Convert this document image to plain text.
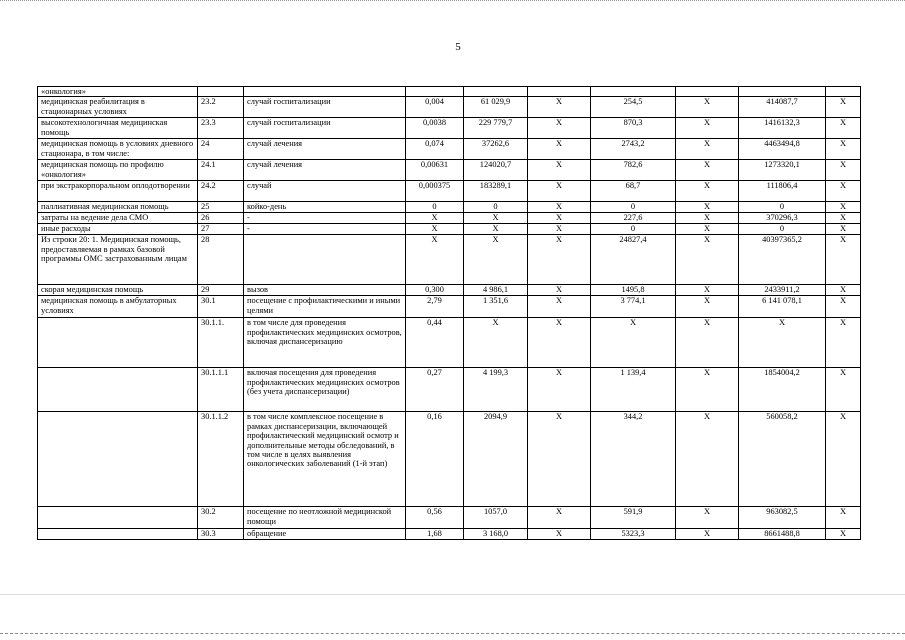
5
«онкология»									
медицинская реабилитация в стационарных условиях	23.2	случай госпитализации	0,004	61 029,9	X	254,5	X	414087,7	X
высокотехнологичная медицинская помощь	23.3	случай госпитализации	0,0038	229 779,7	X	870,3	X	1416132,3	X
медицинская помощь в условиях дневного стационара, в том числе:	24	случай лечения	0,074	37262,6	X	2743,2	X	4463494,8	X
медицинская помощь по профилю «онкология»	24.1	случай лечения	0,00631	124020,7	X	782,6	X	1273320,1	X
при экстракорпоральном оплодотворении	24.2	случай	0,000375	183289,1	X	68,7	X	111806,4	X
паллиативная медицинская помощь	25	койко-день	0	0	X	0	X	0	X
затраты на ведение дела СМО	26	-	X	X	X	227,6	X	370296,3	X
иные расходы	27	-	X	X	X	0	X	0	X
Из строки 20: 1. Медицинская помощь, предоставляемая в рамках базовой программы ОМС застрахованным лицам	28		X	X	X	24827,4	X	40397365,2	X
скорая медицинская помощь	29	вызов	0,300	4 986,1	X	1495,8	X	2433911,2	X
медицинская помощь в амбулаторных условиях	30.1	посещение с профилактическими и иными целями	2,79	1 351,6	X	3 774,1	X	6 141 078,1	X
	30.1.1.	в том числе для проведения профилактических медицинских осмотров, включая диспансеризацию	0,44	X	X	X	X	X	X
	30.1.1.1	включая посещения для проведения профилактических медицинских осмотров (без учета диспансеризации)	0,27	4 199,3	X	1 139,4	X	1854004,2	X
	30.1.1.2	в том числе комплексное посещение в рамках диспансеризации, включающей профилактический медицинский осмотр и дополнительные методы обследований, в том числе в целях выявления онкологических заболеваний (1-й этап)	0,16	2094,9	X	344,2	X	560058,2	X
	30.2	посещение по неотложной медицинской помощи	0,56	1057,0	X	591,9	X	963082,5	X
	30.3	обращение	1,68	3 168,0	X	5323,3	X	8661488,8	X
